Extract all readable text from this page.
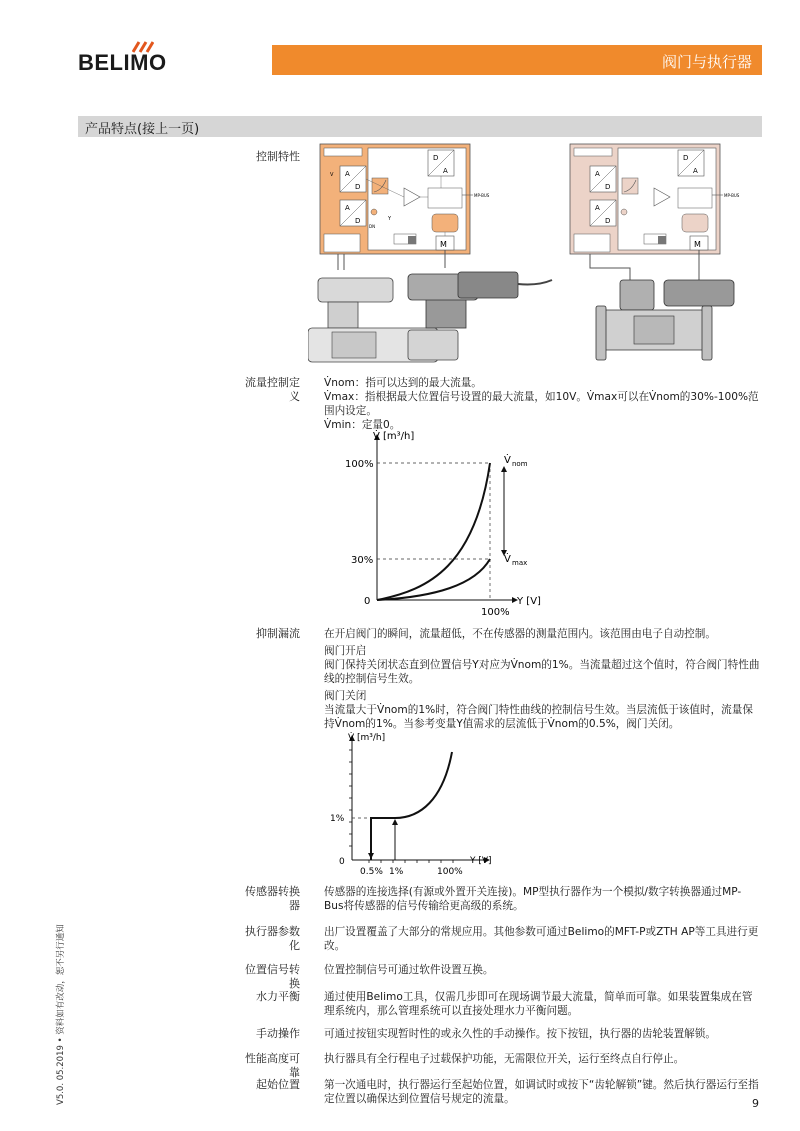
BELIMO	阀门与执行器
产品特点(接上一页)
控制特性
A
D
A
D
D
A
M
V
Y
DN
MP-BUS
A
D
A
D
D
A
M
MP-BUS
流量控制定义

V̇nom：指可以达到的最大流量。

V̇max：指根据最大位置信号设置的最大流量，如10V。V̇max可以在V̇nom的30%-100%范围内设定。

V̇min：定量0。

V̇ [m³/h]
Y [V]
100%
30%
0
100%
V̇ nom
V̇ max
抑制漏流 在开启阀门的瞬间，流量超低，不在传感器的测量范围内。该范围由电子自动控制。

阀门开启

阀门保持关闭状态直到位置信号Y对应为V̇nom的1%。当流量超过这个值时，符合阀门特性曲线的控制信号生效。

阀门关闭

当流量大于V̇nom的1%时，符合阀门特性曲线的控制信号生效。当层流低于该值时，流量保持V̇nom的1%。当参考变量Y值需求的层流低于V̇nom的0.5%，阀门关闭。

V̇ [m³/h]
Y [V]
1%
0
0.5% 1%	100%
传感器转换器
传感器的连接选择(有源或外置开关连接)。MP型执行器作为一个模拟/数字转换器通过MP-Bus将传感器的信号传输给更高级的系统。
执行器参数化
出厂设置覆盖了大部分的常规应用。其他参数可通过Belimo的MFT-P或ZTH AP等工具进行更改。
位置信号转换
位置控制信号可通过软件设置互换。
水力平衡 通过使用Belimo工具，仅需几步即可在现场调节最大流量，简单而可靠。如果装置集成在管理系统内，那么管理系统可以直接处理水力平衡问题。
手动操作 可通过按钮实现暂时性的或永久性的手动操作。按下按钮，执行器的齿轮装置解锁。
性能高度可靠
执行器具有全行程电子过载保护功能，无需限位开关，运行至终点自行停止。
起始位置 第一次通电时，执行器运行至起始位置，如调试时或按下“齿轮解锁”键。然后执行器运行至指定位置以确保达到位置信号规定的流量。
V5.0. 05.2019 • 资料如有改动，恕不另行通知	9
